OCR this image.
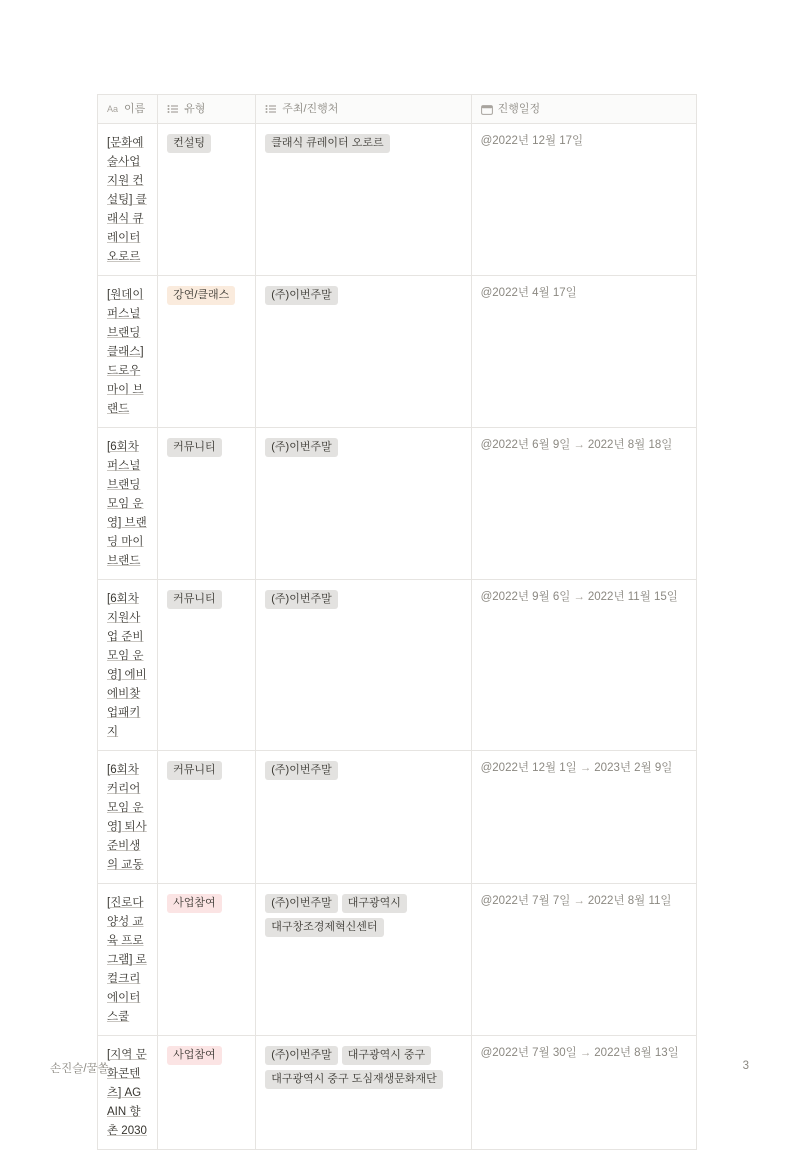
Aa 이름	유형	주최/진행처	진행일정

[문화예술사업 지원 컨설팅] 클래식 큐레이터 오로르	컨설팅	클래식 큐레이터 오로르	@2022년 12월 17일
[원데이 퍼스널브랜딩 클래스] 드로우 마이 브랜드	강연/클래스	(주)이번주말	@2022년 4월 17일
[6회차 퍼스널브랜딩 모임 운영] 브랜딩 마이 브랜드	커뮤니티	(주)이번주말	@2022년 6월 9일 → 2022년 8월 18일
[6회차 지원사업 준비 모임 운영] 에비에비찾업패키지	커뮤니티	(주)이번주말	@2022년 9월 6일 → 2022년 11월 15일
[6회차 커리어 모임 운영] 퇴사준비생의 교동	커뮤니티	(주)이번주말	@2022년 12월 1일 → 2023년 2월 9일
[진로다양성 교육 프로그램] 로컬크리에이터 스쿨	사업참여	(주)이번주말 대구광역시대구창조경제혁신센터	@2022년 7월 7일 → 2022년 8월 11일
[지역 문화콘텐츠] AGAIN 향촌 2030	사업참여	(주)이번주말 대구광역시 중구대구광역시 중구 도심재생문화재단	@2022년 7월 30일 → 2022년 8월 13일
손진슬/꿀쏠	3
